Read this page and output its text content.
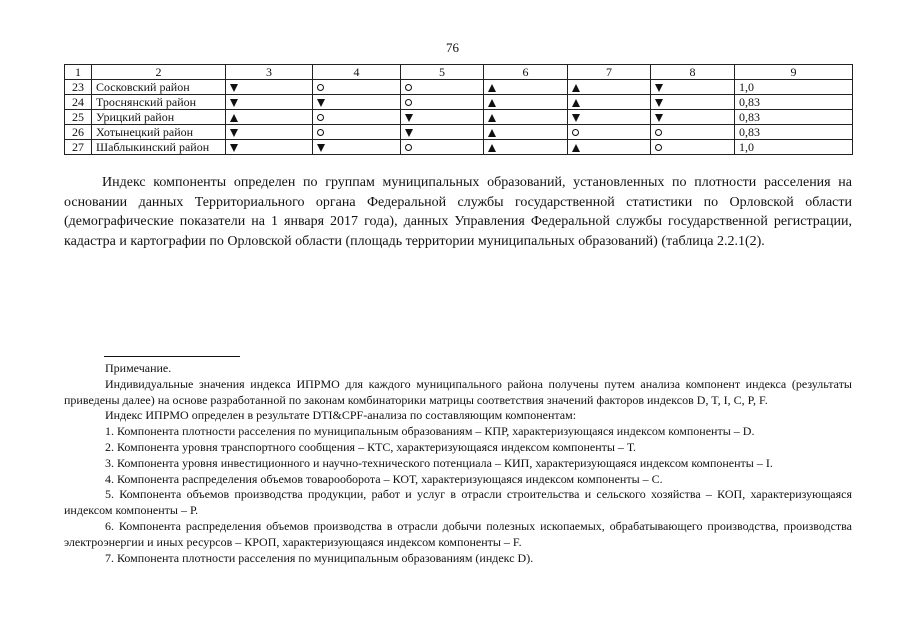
76
1	2	3	4	5	6	7	8	9
23	Сосковский район							1,0
24	Троснянский район							0,83
25	Урицкий район							0,83
26	Хотынецкий район							0,83
27	Шаблыкинский район							1,0

Индекс компоненты определен по группам муниципальных образований, установленных по плотности расселения на основании данных Территориального органа Федеральной службы государственной статистики по Орловской области (демографические показатели на 1 января 2017 года), данных Управления Федеральной службы государственной регистрации, кадастра и картографии по Орловской области (площадь территории муниципальных образований) (таблица 2.2.1(2).

Примечание.

Индивидуальные значения индекса ИПРМО для каждого муниципального района получены путем анализа компонент индекса (результаты приведены далее) на основе разработанной по законам комбинаторики матрицы соответствия значений факторов индексов D, T, I, C, P, F.

Индекс ИПРМО определен в результате DTI&CPF-анализа по составляющим компонентам:

1. Компонента плотности расселения по муниципальным образованиям – КПР, характеризующаяся индексом компоненты – D.

2. Компонента уровня транспортного сообщения – КТС, характеризующаяся индексом компоненты – Т.

3. Компонента уровня инвестиционного и научно-технического потенциала – КИП, характеризующаяся индексом компоненты – I.

4. Компонента распределения объемов товарооборота – КОТ, характеризующаяся индексом компоненты – С.

5. Компонента объемов производства продукции, работ и услуг в отрасли строительства и сельского хозяйства – КОП, характеризующаяся индексом компоненты – Р.

6. Компонента распределения объемов производства в отрасли добычи полезных ископаемых, обрабатывающего производства, производства электроэнергии и иных ресурсов – КРОП, характеризующаяся индексом компоненты – F.

7. Компонента плотности расселения по муниципальным образованиям (индекс D).
